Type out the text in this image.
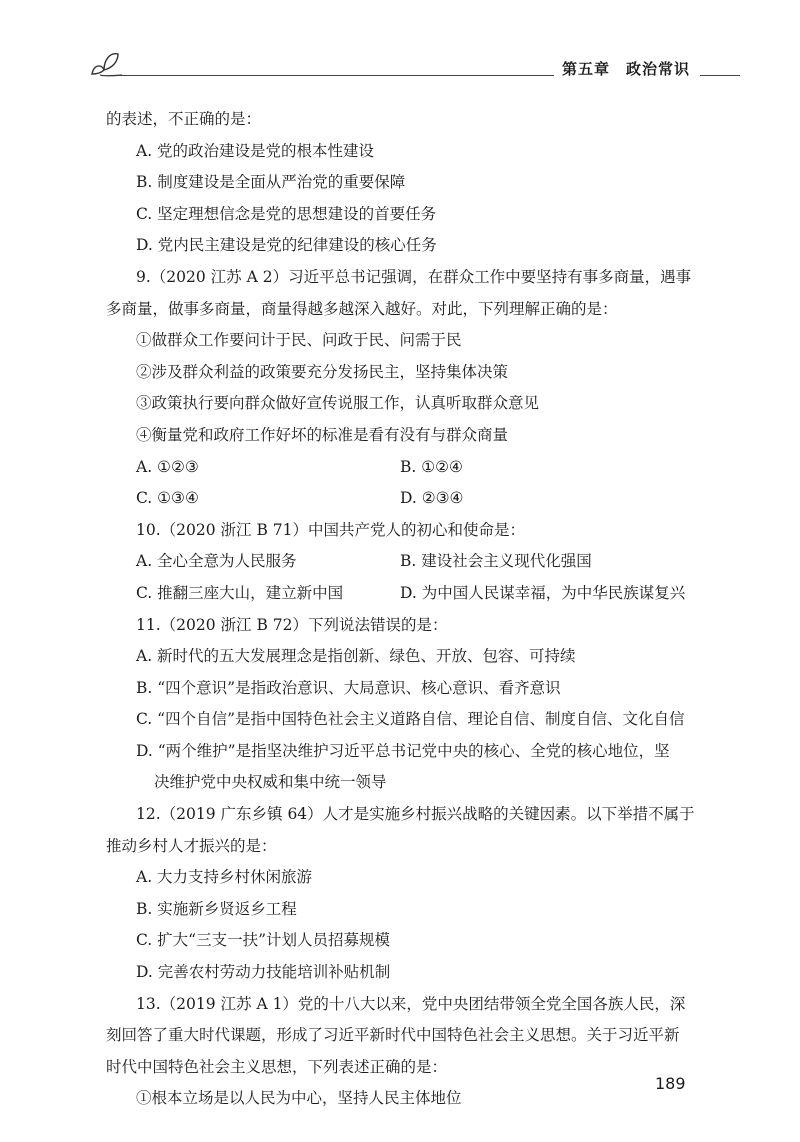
第五章　政治常识
的表述，不正确的是：
A. 党的政治建设是党的根本性建设
B. 制度建设是全面从严治党的重要保障
C. 坚定理想信念是党的思想建设的首要任务
D. 党内民主建设是党的纪律建设的核心任务
9.（2020 江苏 A 2）习近平总书记强调，在群众工作中要坚持有事多商量，遇事
多商量，做事多商量，商量得越多越深入越好。对此，下列理解正确的是：
①做群众工作要问计于民、问政于民、问需于民
②涉及群众利益的政策要充分发扬民主，坚持集体决策
③政策执行要向群众做好宣传说服工作，认真听取群众意见
④衡量党和政府工作好坏的标准是看有没有与群众商量
A. ①②③	B. ①②④
C. ①③④	D. ②③④
10.（2020 浙江 B 71）中国共产党人的初心和使命是：
A. 全心全意为人民服务	B. 建设社会主义现代化强国
C. 推翻三座大山，建立新中国	D. 为中国人民谋幸福，为中华民族谋复兴
11.（2020 浙江 B 72）下列说法错误的是：
A. 新时代的五大发展理念是指创新、绿色、开放、包容、可持续
B. “四个意识”是指政治意识、大局意识、核心意识、看齐意识
C. “四个自信”是指中国特色社会主义道路自信、理论自信、制度自信、文化自信
D. “两个维护”是指坚决维护习近平总书记党中央的核心、全党的核心地位，坚
决维护党中央权威和集中统一领导
12.（2019 广东乡镇 64）人才是实施乡村振兴战略的关键因素。以下举措不属于
推动乡村人才振兴的是：
A. 大力支持乡村休闲旅游
B. 实施新乡贤返乡工程
C. 扩大“三支一扶”计划人员招募规模
D. 完善农村劳动力技能培训补贴机制
13.（2019 江苏 A 1）党的十八大以来，党中央团结带领全党全国各族人民，深
刻回答了重大时代课题，形成了习近平新时代中国特色社会主义思想。关于习近平新
时代中国特色社会主义思想，下列表述正确的是：
①根本立场是以人民为中心，坚持人民主体地位
189
